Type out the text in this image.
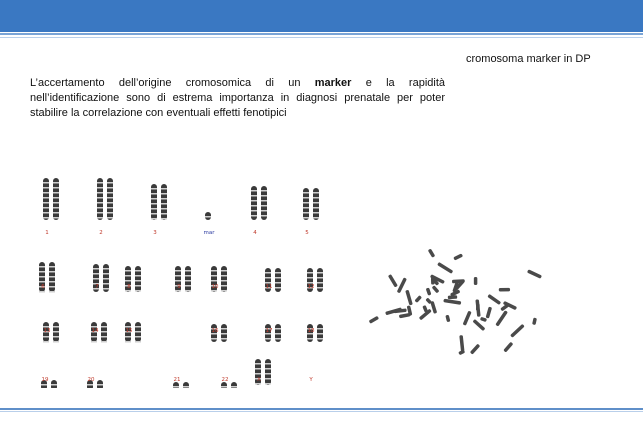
cromosoma marker in DP
L’accertamento dell’origine cromosomica di un marker e la rapidità nell’identificazione sono di estrema importanza in diagnosi prenatale per poter stabilire la correlazione con eventuali effetti fenotipici
1	2	3	mar	4	5
6	7	8	9	10	11	12
13	14	15	16	17	18
19	20	21	22	X	Y
